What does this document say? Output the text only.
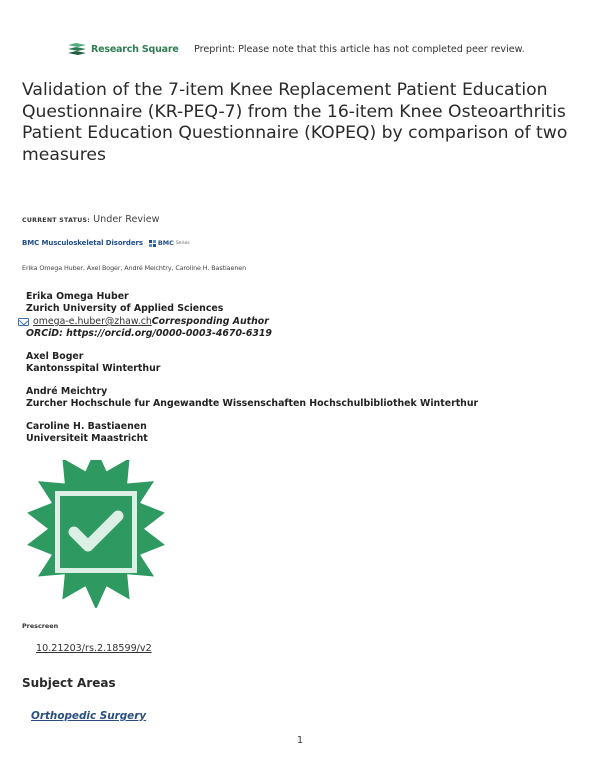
Research Square Preprint: Please note that this article has not completed peer review.
Validation of the 7-item Knee Replacement Patient Education Questionnaire (KR-PEQ-7) from the 16-item Knee Osteoarthritis Patient Education Questionnaire (KOPEQ) by comparison of two measures
CURRENT STATUS: Under Review
BMC Musculoskeletal Disorders BMC Series
Erika Omega Huber, Axel Boger, André Meichtry, Caroline H. Bastiaenen
Erika Omega Huber
Zurich University of Applied Sciences
omega-e.huber@zhaw.ch Corresponding Author
ORCiD: https://orcid.org/0000-0003-4670-6319
Axel Boger
Kantonsspital Winterthur
André Meichtry
Zurcher Hochschule fur Angewandte Wissenschaften Hochschulbibliothek Winterthur
Caroline H. Bastiaenen
Universiteit Maastricht
Prescreen
10.21203/rs.2.18599/v2
Subject Areas
Orthopedic Surgery
1
